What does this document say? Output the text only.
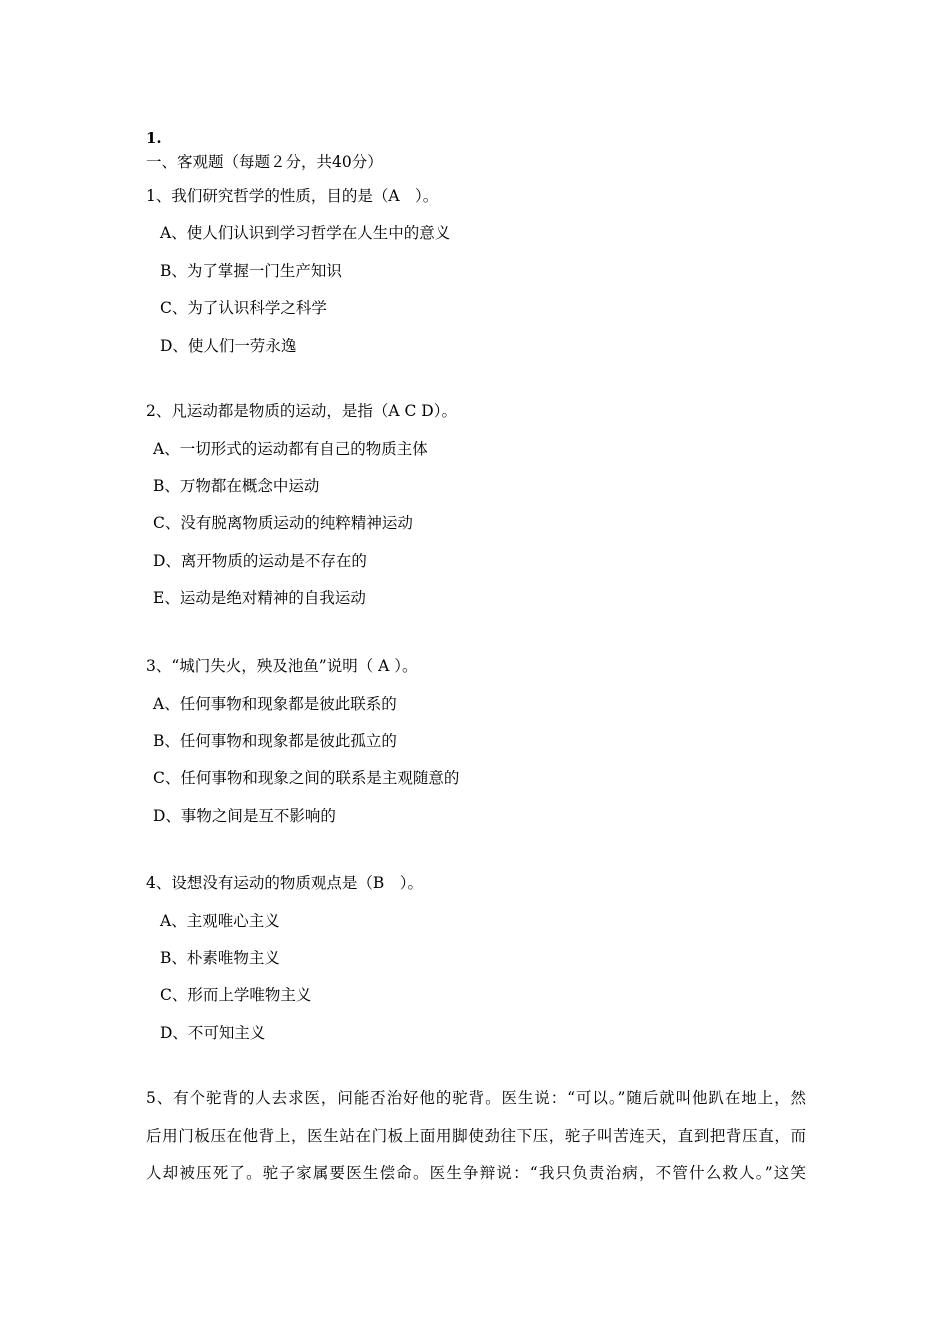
1.
一、客观题（每题２分，共40分）
1、我们研究哲学的性质，目的是（A　）。
A、使人们认识到学习哲学在人生中的意义
B、为了掌握一门生产知识
C、为了认识科学之科学
D、使人们一劳永逸
2、凡运动都是物质的运动，是指（A C D）。
A、一切形式的运动都有自己的物质主体
B、万物都在概念中运动
C、没有脱离物质运动的纯粹精神运动
D、离开物质的运动是不存在的
E、运动是绝对精神的自我运动
3、“城门失火，殃及池鱼”说明（ A ）。
A、任何事物和现象都是彼此联系的
B、任何事物和现象都是彼此孤立的
C、任何事物和现象之间的联系是主观随意的
D、事物之间是互不影响的
4、设想没有运动的物质观点是（B　）。
A、主观唯心主义
B、朴素唯物主义
C、形而上学唯物主义
D、不可知主义
5、有个驼背的人去求医，问能否治好他的驼背。医生说：“可以。”随后就叫他趴在地上，然
后用门板压在他背上，医生站在门板上面用脚使劲往下压，驼子叫苦连天，直到把背压直，而
人却被压死了。驼子家属要医生偿命。医生争辩说：“我只负责治病，不管什么救人。”这笑
